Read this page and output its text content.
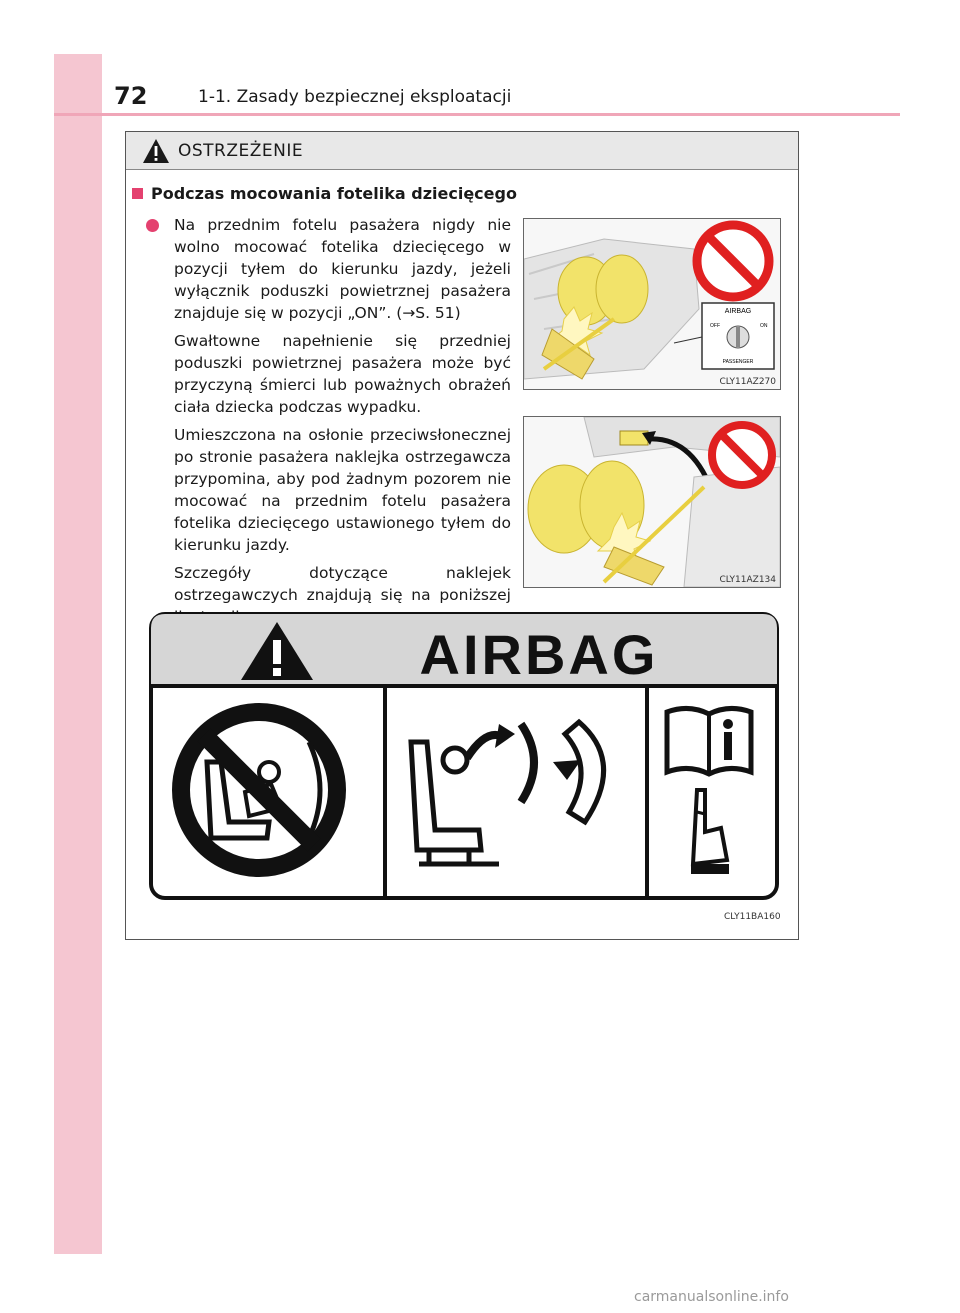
72	1-1. Zasady bezpiecznej eksploatacji
OSTRZEŻENIE
Podczas mocowania fotelika dziecięcego

Na przednim fotelu pasażera nigdy nie wolno mocować fotelika dziecięcego w pozycji tyłem do kierunku jazdy, jeżeli wyłącznik poduszki powietrznej pasażera znajduje się w pozycji „ON”. (→S. 51)

Gwałtowne napełnienie się przedniej poduszki powietrznej pasażera może być przyczyną śmierci lub poważnych obrażeń ciała dziecka podczas wypadku.

Umieszczona na osłonie przeciwsłonecznej po stronie pasażera naklejka ostrzegawcza przypomina, aby pod żadnym pozorem nie mocować na przednim fotelu pasażera fotelika dziecięcego ustawionego tyłem do kierunku jazdy.

Szczegóły dotyczące naklejek ostrzegawczych znajdują się na poniższej

AIRBAG
OFF	ON
PASSENGER
CLY11AZ270
CLY11AZ134
AIRBAG
CLY11BA160
carmanualsonline.info
